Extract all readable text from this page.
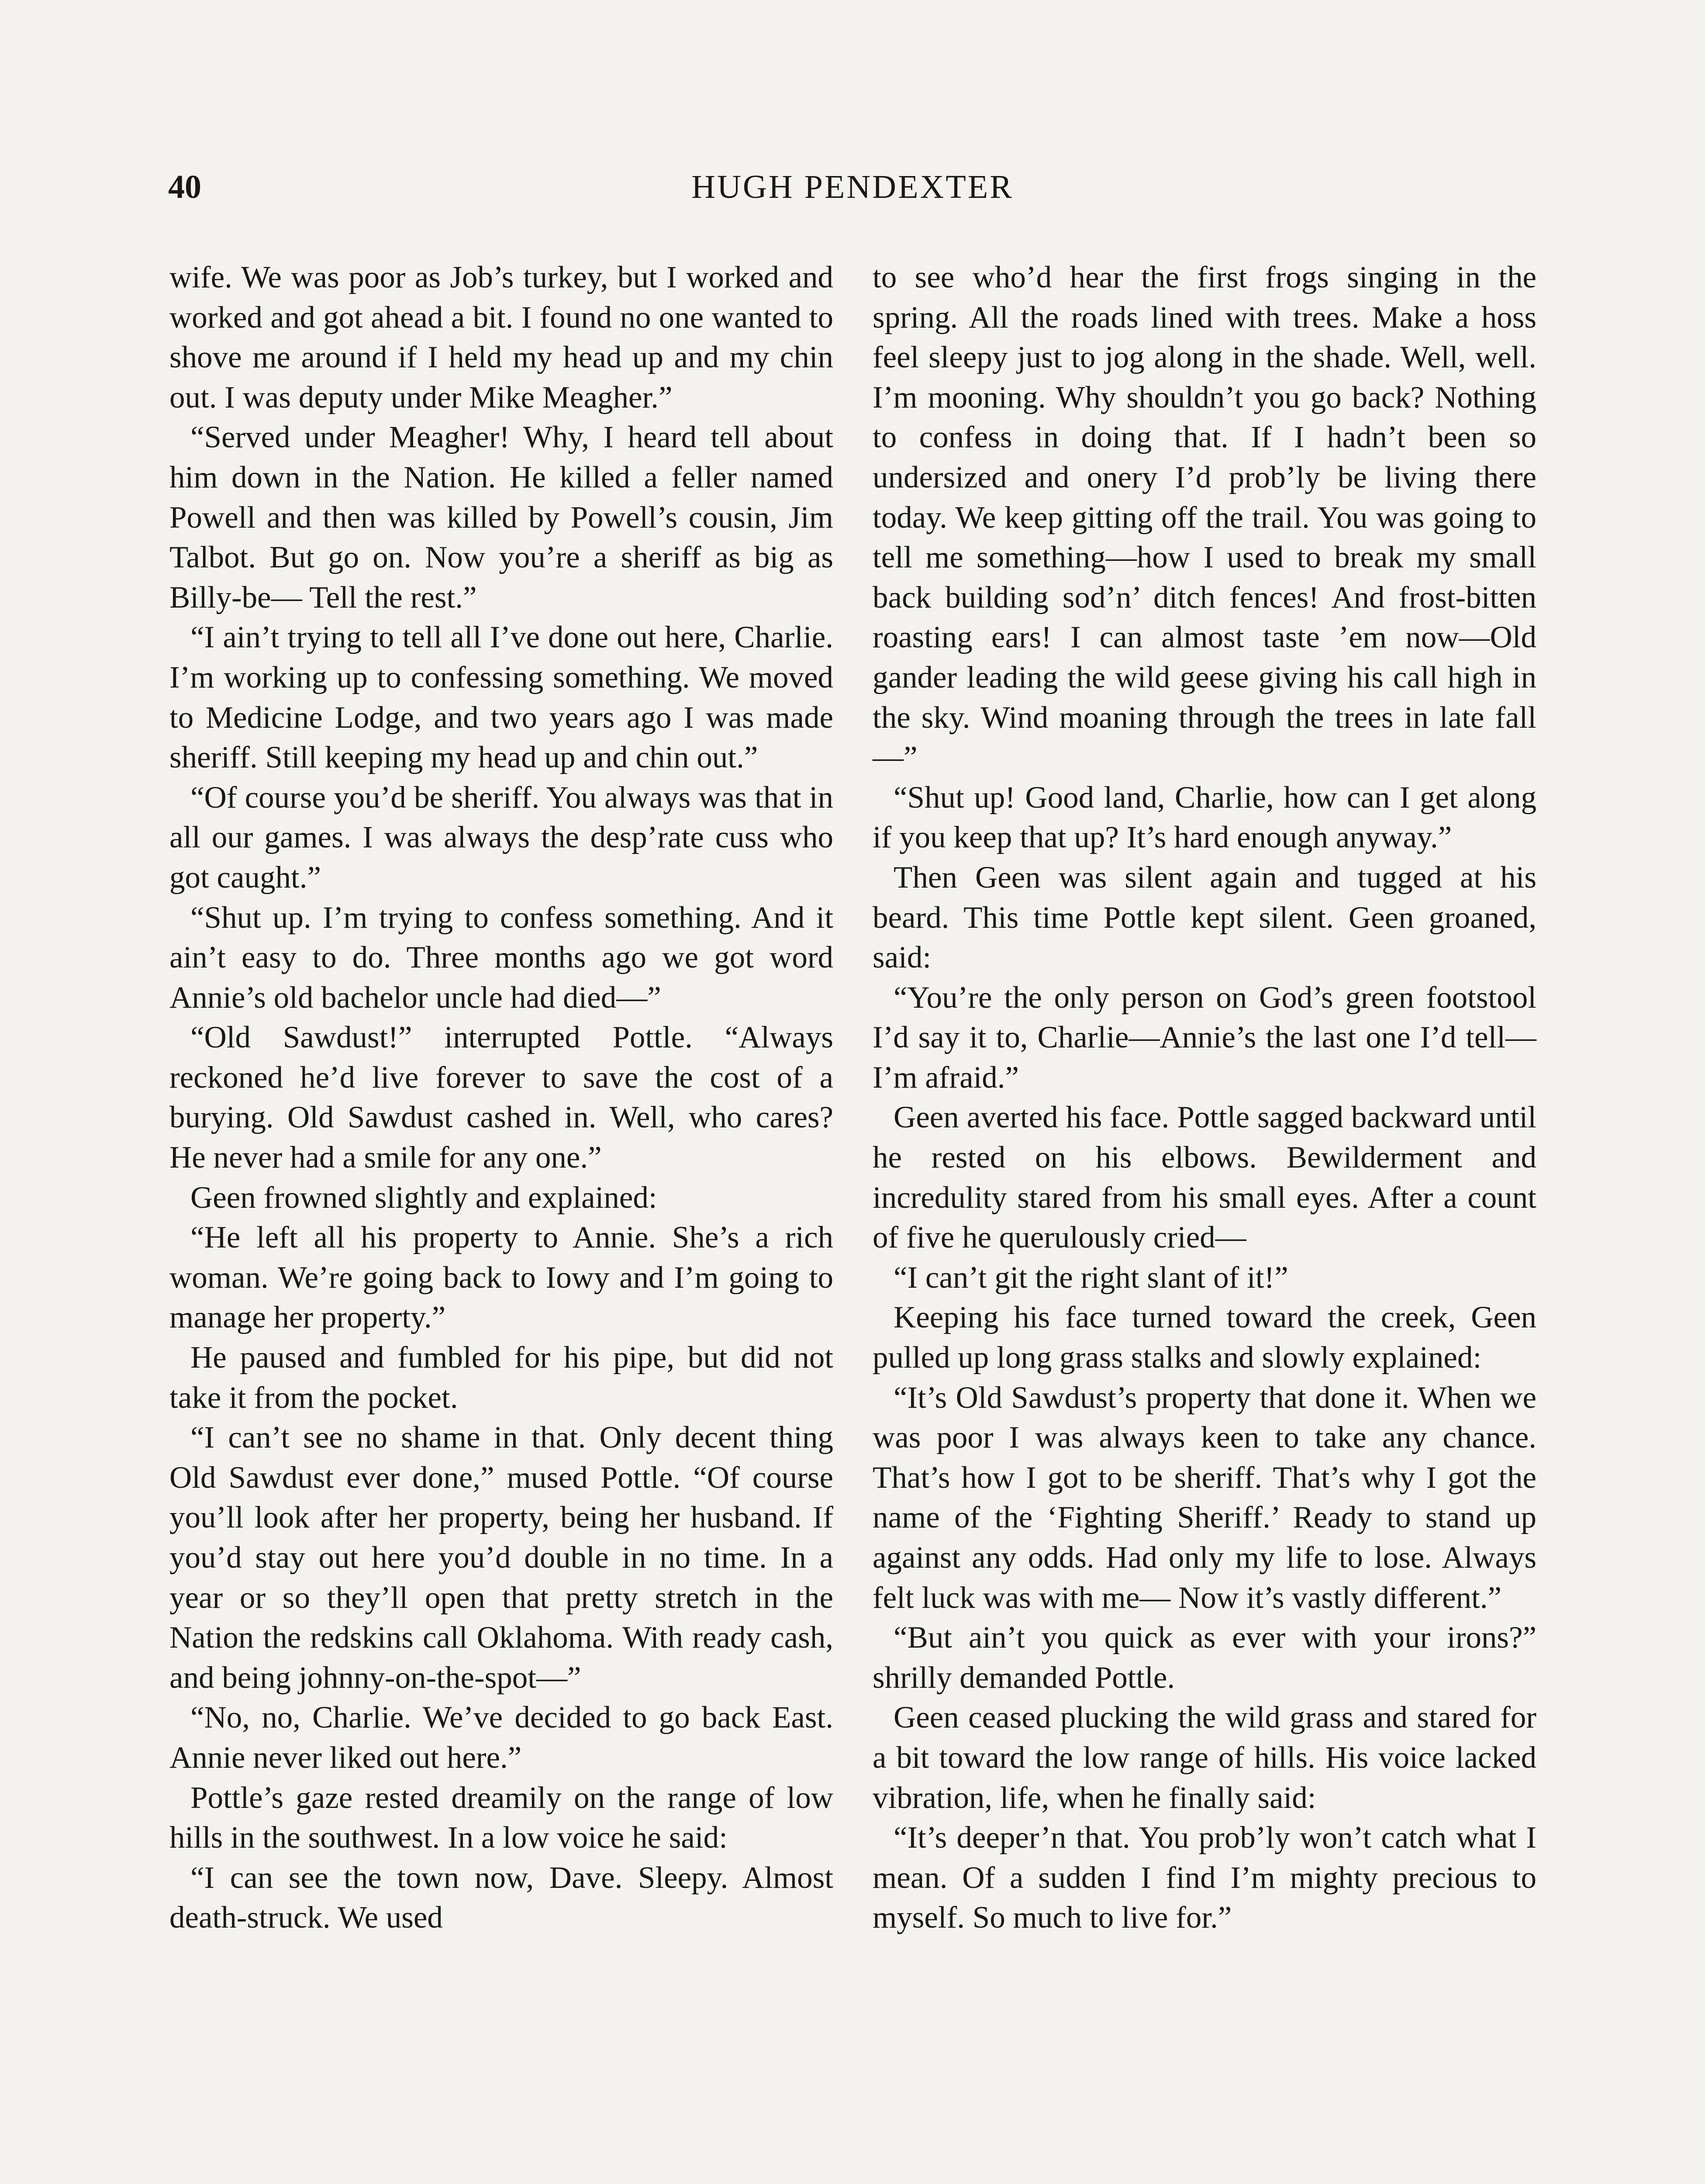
40	HUGH PENDEXTER

wife. We was poor as Job’s turkey, but I worked and worked and got ahead a bit. I found no one wanted to shove me around if I held my head up and my chin out. I was deputy under Mike Meagher.”

“Served under Meagher! Why, I heard tell about him down in the Nation. He killed a feller named Powell and then was killed by Powell’s cousin, Jim Talbot. But go on. Now you’re a sheriff as big as Billy-be— Tell the rest.”

“I ain’t trying to tell all I’ve done out here, Charlie. I’m working up to confessing something. We moved to Medicine Lodge, and two years ago I was made sheriff. Still keeping my head up and chin out.”

“Of course you’d be sheriff. You always was that in all our games. I was always the desp’rate cuss who got caught.”

“Shut up. I’m trying to confess something. And it ain’t easy to do. Three months ago we got word Annie’s old bachelor uncle had died—”

“Old Sawdust!” interrupted Pottle. “Always reckoned he’d live forever to save the cost of a burying. Old Sawdust cashed in. Well, who cares? He never had a smile for any one.”

Geen frowned slightly and explained:

“He left all his property to Annie. She’s a rich woman. We’re going back to Iowy and I’m going to manage her property.”

He paused and fumbled for his pipe, but did not take it from the pocket.

“I can’t see no shame in that. Only decent thing Old Sawdust ever done,” mused Pottle. “Of course you’ll look after her property, being her husband. If you’d stay out here you’d double in no time. In a year or so they’ll open that pretty stretch in the Nation the redskins call Oklahoma. With ready cash, and being johnny-on-the-spot—”

“No, no, Charlie. We’ve decided to go back East. Annie never liked out here.”

Pottle’s gaze rested dreamily on the range of low hills in the southwest. In a low voice he said:

“I can see the town now, Dave. Sleepy. Almost death-struck. We used

to see who’d hear the first frogs singing in the spring. All the roads lined with trees. Make a hoss feel sleepy just to jog along in the shade. Well, well. I’m mooning. Why shouldn’t you go back? Nothing to confess in doing that. If I hadn’t been so undersized and onery I’d prob’ly be living there today. We keep gitting off the trail. You was going to tell me something—how I used to break my small back building sod’n’ ditch fences! And frost-bitten roasting ears! I can almost taste ’em now—Old gander leading the wild geese giving his call high in the sky. Wind moaning through the trees in late fall—”

“Shut up! Good land, Charlie, how can I get along if you keep that up? It’s hard enough anyway.”

Then Geen was silent again and tugged at his beard. This time Pottle kept silent. Geen groaned, said:

“You’re the only person on God’s green footstool I’d say it to, Charlie—Annie’s the last one I’d tell—I’m afraid.”

Geen averted his face. Pottle sagged backward until he rested on his elbows. Bewilderment and incredulity stared from his small eyes. After a count of five he querulously cried—

“I can’t git the right slant of it!”

Keeping his face turned toward the creek, Geen pulled up long grass stalks and slowly explained:

“It’s Old Sawdust’s property that done it. When we was poor I was always keen to take any chance. That’s how I got to be sheriff. That’s why I got the name of the ‘Fighting Sheriff.’ Ready to stand up against any odds. Had only my life to lose. Always felt luck was with me— Now it’s vastly different.”

“But ain’t you quick as ever with your irons?” shrilly demanded Pottle.

Geen ceased plucking the wild grass and stared for a bit toward the low range of hills. His voice lacked vibration, life, when he finally said:

“It’s deeper’n that. You prob’ly won’t catch what I mean. Of a sudden I find I’m mighty precious to myself. So much to live for.”
